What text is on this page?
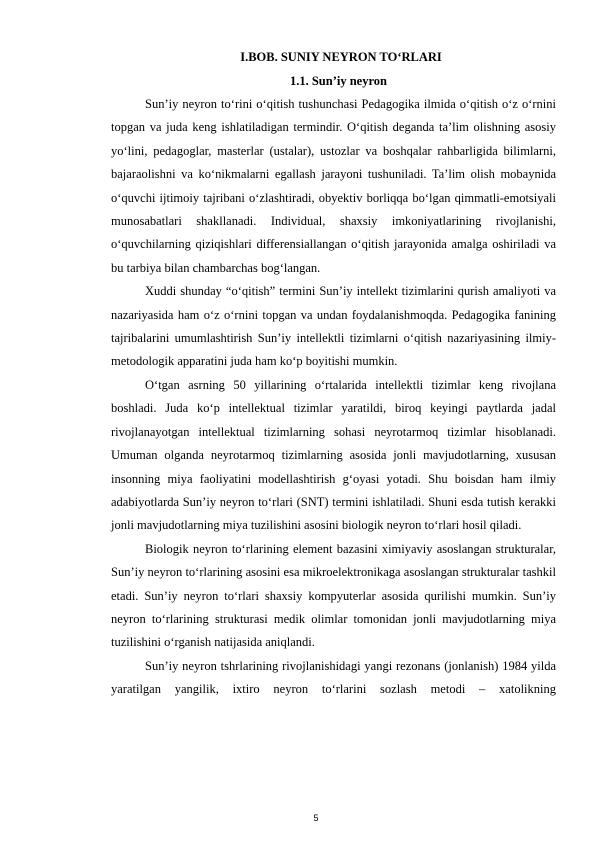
I.BOB. SUNIY NEYRON TO‘RLARI

1.1. Sun’iy neyron

Sun’iy neyron to‘rini o‘qitish tushunchasi Pedagogika ilmida o‘qitish o‘z o‘rnini topgan va juda keng ishlatiladigan termindir. O‘qitish deganda ta’lim olishning asosiy yo‘lini, pedagoglar, masterlar (ustalar), ustozlar va boshqalar rahbarligida bilimlarni, bajaraolishni va ko‘nikmalarni egallash jarayoni tushuniladi. Ta’lim olish mobaynida o‘quvchi ijtimoiy tajribani o‘zlashtiradi, obyektiv borliqqa bo‘lgan qimmatli-emotsiyali munosabatlari shakllanadi. Individual, shaxsiy imkoniyatlarining rivojlanishi, o‘quvchilarning qiziqishlari differensiallangan o‘qitish jarayonida amalga oshiriladi va bu tarbiya bilan chambarchas bog‘langan.

Xuddi shunday “o‘qitish” termini Sun’iy intellekt tizimlarini qurish amaliyoti va nazariyasida ham o‘z o‘rnini topgan va undan foydalanishmoqda. Pedagogika fanining tajribalarini umumlashtirish Sun’iy intellektli tizimlarni o‘qitish nazariyasining ilmiy-metodologik apparatini juda ham ko‘p boyitishi mumkin.

O‘tgan asrning 50 yillarining o‘rtalarida intellektli tizimlar keng rivojlana boshladi. Juda ko‘p intellektual tizimlar yaratildi, biroq keyingi paytlarda jadal rivojlanayotgan intellektual tizimlarning sohasi neyrotarmoq tizimlar hisoblanadi. Umuman olganda neyrotarmoq tizimlarning asosida jonli mavjudotlarning, xususan insonning miya faoliyatini modellashtirish g‘oyasi yotadi. Shu boisdan ham ilmiy adabiyotlarda Sun’iy neyron to‘rlari (SNT) termini ishlatiladi. Shuni esda tutish kerakki jonli mavjudotlarning miya tuzilishini asosini biologik neyron to‘rlari hosil qiladi.

Biologik neyron to‘rlarining element bazasini ximiyaviy asoslangan strukturalar, Sun’iy neyron to‘rlarining asosini esa mikroelektronikaga asoslangan strukturalar tashkil etadi. Sun’iy neyron to‘rlari shaxsiy kompyuterlar asosida qurilishi mumkin. Sun’iy neyron to‘rlarining strukturasi medik olimlar tomonidan jonli mavjudotlarning miya tuzilishini o‘rganish natijasida aniqlandi.

Sun’iy neyron tshrlarining rivojlanishidagi yangi rezonans (jonlanish) 1984 yilda yaratilgan yangilik, ixtiro neyron to‘rlarini sozlash metodi – xatolikning

5
